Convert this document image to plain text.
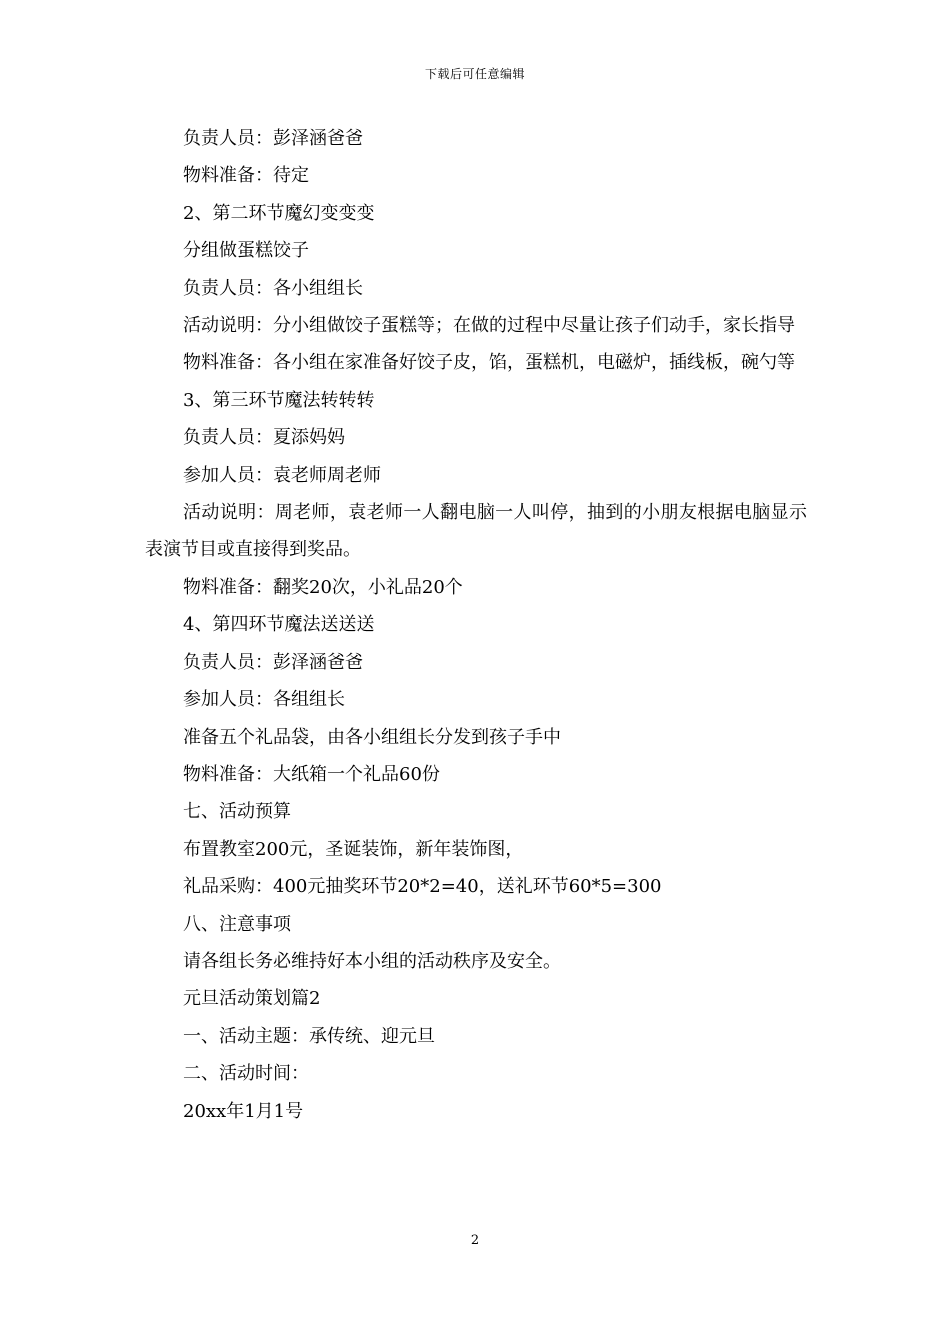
下载后可任意编辑

负责人员：彭泽涵爸爸

物料准备：待定

2、第二环节魔幻变变变

分组做蛋糕饺子

负责人员：各小组组长

活动说明：分小组做饺子蛋糕等；在做的过程中尽量让孩子们动手，家长指导

物料准备：各小组在家准备好饺子皮，馅，蛋糕机，电磁炉，插线板，碗勺等

3、第三环节魔法转转转

负责人员：夏添妈妈

参加人员：袁老师周老师

活动说明：周老师，袁老师一人翻电脑一人叫停，抽到的小朋友根据电脑显示表演节目或直接得到奖品。

物料准备：翻奖20次，小礼品20个

4、第四环节魔法送送送

负责人员：彭泽涵爸爸

参加人员：各组组长

准备五个礼品袋，由各小组组长分发到孩子手中

物料准备：大纸箱一个礼品60份

七、活动预算

布置教室200元，圣诞装饰，新年装饰图，

礼品采购：400元抽奖环节20*2=40，送礼环节60*5=300

八、注意事项

请各组长务必维持好本小组的活动秩序及安全。

元旦活动策划篇2

一、活动主题：承传统、迎元旦

二、活动时间：

20xx年1月1号

2
